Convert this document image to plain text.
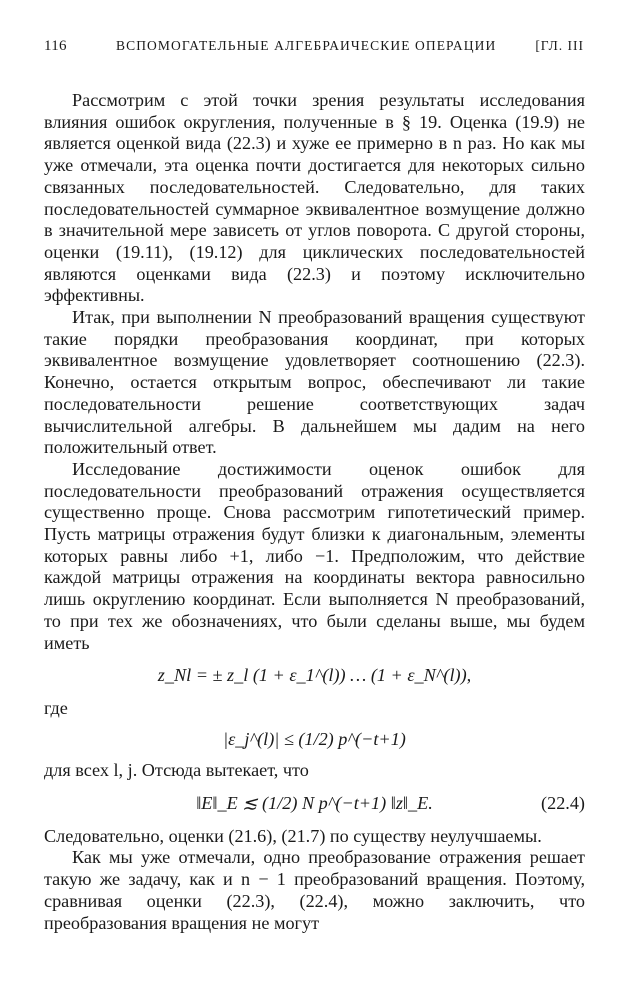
116	ВСПОМОГАТЕЛЬНЫЕ АЛГЕБРАИЧЕСКИЕ ОПЕРАЦИИ	[ГЛ. III

Рассмотрим с этой точки зрения результаты исследования влияния ошибок округления, полученные в § 19. Оценка (19.9) не является оценкой вида (22.3) и хуже ее примерно в n раз. Но как мы уже отмечали, эта оценка почти достигается для некоторых сильно связанных последовательностей. Следовательно, для таких последовательностей суммарное эквивалентное возмущение должно в значительной мере зависеть от углов поворота. С другой стороны, оценки (19.11), (19.12) для циклических последовательностей являются оценками вида (22.3) и поэтому исключительно эффективны.

Итак, при выполнении N преобразований вращения существуют такие порядки преобразования координат, при которых эквивалентное возмущение удовлетворяет соотношению (22.3). Конечно, остается открытым вопрос, обеспечивают ли такие последовательности решение соответствующих задач вычислительной алгебры. В дальнейшем мы дадим на него положительный ответ.

Исследование достижимости оценок ошибок для последовательности преобразований отражения осуществляется существенно проще. Снова рассмотрим гипотетический пример. Пусть матрицы отражения будут близки к диагональным, элементы которых равны либо +1, либо −1. Предположим, что действие каждой матрицы отражения на координаты вектора равносильно лишь округлению координат. Если выполняется N преобразований, то при тех же обозначениях, что были сделаны выше, мы будем иметь

z_Nl = ± z_l (1 + ε_1^(l)) … (1 + ε_N^(l)),

где

|ε_j^(l)| ≤ (1/2) p^(−t+1)

для всех l, j. Отсюда вытекает, что

‖E‖_E ≲ (1/2) N p^(−t+1) ‖z‖_E.	(22.4)

Следовательно, оценки (21.6), (21.7) по существу неулучшаемы.

Как мы уже отмечали, одно преобразование отражения решает такую же задачу, как и n − 1 преобразований вращения. Поэтому, сравнивая оценки (22.3), (22.4), можно заключить, что преобразования вращения не могут
